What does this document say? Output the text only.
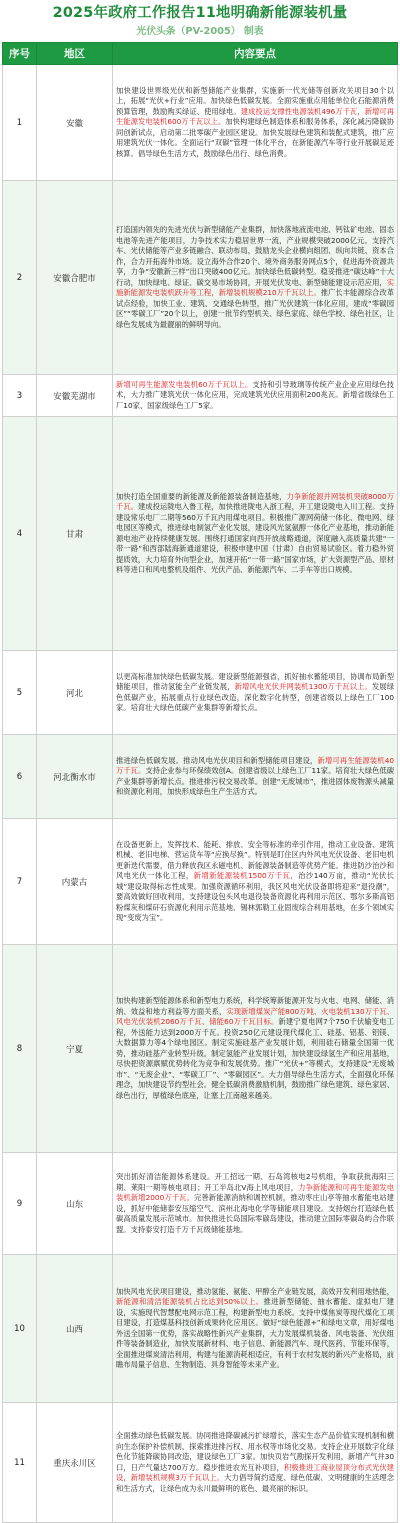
2025年政府工作报告11地明确新能源装机量
光伏头条（PV-2005） 制表
序号	地区	内容要点
1	安徽	加快建设世界级光伏和新型储能产业集群，实施新一代光储等创新攻关项目30个以上，拓展“光伏+行业”应用。加快绿色低碳发展。全面实施重点用能单位化石能源消费预算管理，鼓励购买绿证、使用绿电。建成投运支撑性电源装机496万千瓦，新增可再生能源发电装机600万千瓦以上。加快构建绿色制造体系和服务体系，深化减污降碳协同创新试点，启动第二批零碳产业园区建设。加快发展绿色建筑和装配式建筑，推广应用建筑光伏一体化。全面运行“双碳”管理一体化平台，在新能源汽车等行业开展碳足迹核算。倡导绿色生活方式，鼓励绿色出行、绿色消费。
2	安徽合肥市	打造国内领先的先进光伏与新型储能产业集群，加快落地液流电池、钙钛矿电池、固态电池等先进产能项目，力争技术实力稳居世界一流，产业规模突破2000亿元。支持汽车、光伏储能等产业多链融合、联动布局，鼓励龙头企业横向组团、纵向共链、资本合作，合力开拓海外市场。设立海外合作20个、境外商务服务网点5个，促进海外资源共享，力争“安徽新三样”出口突破400亿元。加快绿色低碳转型。稳妥推进“碳达峰”十大行动，加快绿电、绿证、碳交易市场协同，开展光伏发电、新型储能建设示范应用，实施新能源发电装机跃升等工程，新增装机规模210万千瓦以上。推广长丰能源综合改革试点经验，加快工业、建筑、交通绿色转型，推广光伏建筑一体化应用，建成“零碳园区”“零碳工厂”20个以上，创建一批节约型机关、绿色家庭、绿色学校、绿色社区，让绿色发展成为最靓丽的鲜明导向。
3	安徽芜湖市	新增可再生能源发电装机60万千瓦以上。支持和引导玻璃等传统产业企业应用绿色技术，大力推广建筑光伏一体化应用，完成建筑光伏应用面积200兆瓦。新增省级绿色工厂10家、国家级绿色工厂5家。
4	甘肃	加快打造全国重要的新能源及新能源装备制造基地，力争新能源并网装机突破8000万千瓦。建成投运陇电入鲁工程，加快推进陇电入浙工程，开工建设陇电入川工程。支持建设常乐电厂二期等560万千瓦内用煤电项目。积极推广源网荷储一体化、微电网、绿电园区等模式，推进绿电制氢产业化发展，建设风光氢氨醇一体化产业基地，推动新能源电池产业持续健康发展。围绕打通国家向西开放战略通道，深度融入高质量共建“一带一路”和西部陆海新通道建设，积极申建中国（甘肃）自由贸易试验区。着力稳外贸提质效，大力培育外向型企业，加速开拓“一带一路”国家市场，扩大资源型产品、原材料等进口和风电整机及组件、光伏产品、新能源汽车、二手车等出口规模。
5	河北	以更高标准加快绿色低碳发展。建设新型能源强省，抓好抽水蓄能项目，协调布局新型储能项目，推动氢能全产业链发展，新增风电光伏并网装机1300万千瓦以上。发展绿色低碳产业，拓展重点行业绿色改造，深化数字化转型，创建省级以上绿色工厂100家。培育壮大绿色低碳产业集群等新增长点。
6	河北衡水市	推进绿色低碳发展。推动风电光伏项目和新型储能项目建设，新增可再生能源装机40万千瓦。支持企业参与环保绩效创A。创建省级以上绿色工厂11家。培育壮大绿色低碳产业集群等新增长点。推进排污权交易改革。创建“无废城市”，推进固体废物源头减量和资源化利用，加快形成绿色生产生活方式。
7	内蒙古	在设备更新上，发挥技术、能耗、排放、安全等标准的牵引作用，推动工业设备、建筑机械、老旧电梯、营运货车等“应换尽换”。特别是盯住区内外风电光伏设备、老旧电机更新迭代需要，借力释放我区永磁电机、新能源装备制造等优势产能。推进防沙治沙和风电光伏一体化工程，新增新能源装机1500万千瓦，治沙140万亩，推动“光伏长城”建设取得标志性成果。加强资源循环利用，我区风电光伏设备即将迎来“退役潮”，要高效做好回收利用，支持建设包头风电退役装备资源化再利用示范区、鄂尔多斯高铝粉煤灰和煤矸石资源化利用示范基地、锡林郭勒工业固废综合利用基地，在多个领域实现“变废为宝”。
8	宁夏	加快构建新型能源体系和新型电力系统，科学统筹新能源开发与火电、电网、储能、消纳、效益和地方利益等方面关系，实现新增煤炭产能800万吨、火电装机130万千瓦、风电光伏装机2060万千瓦、储能60万千瓦目标。新建宁夏电网7个750千伏输变电工程，外送能力达到2000万千瓦。投资250亿元建设现代煤化工、硅基、铝基、铝镁、大数据算力等4个绿电园区。制定实施硅基产业发展计划，利用硅石储量全国第一优势，推动硅基产业转型升级。制定氢能产业发展计划，加快建设绿氢生产和应用基地，尽快把资源禀赋优势转化为竞争和发展优势。推广“光伏+”等模式，支持建设“无废城市”、“无废企业”、“零碳工厂”、“零碳园区”。大力倡导绿色生活方式，全面强化环保理念，加快建设节约型社会。健全低碳消费激励机制，鼓励推广绿色建筑、绿色家居、绿色出行，厚植绿色底座，让塞上江南越来越美。
9	山东	突出抓好清洁能源体系建设。开工招远一期、石岛湾核电2号机组，争取获批海阳三期、莱阳一期等核电项目；开工半岛北V海上风电项目，力争新能源和可再生能源发电装机新增2000万千瓦。完善新能源消纳和调控机制，推动枣庄山亭等抽水蓄能电站建设，抓好中能储泰安压缩空气、滨州北海电化学等储能项目建设。支持烟台打造绿色低碳高质量发展示范城市。加快推进长岛国际零碳岛建设，推动建立国际零碳岛屿合作联盟。支持泰安打造千万千瓦级储能基地。
10	山西	加快风电光伏项目建设，推动氢能、氨能、甲醇全产业链发展，高效开发利用地热能，新能源和清洁能源装机占比达到50%以上。推进新型储能、抽水蓄能、虚拟电厂建设，实施现代智慧配电网示范工程，构建新型电力系统。支持中煤焦炭等现代煤化工项目建设，打造煤基科技创新成果转化应用区。做好“绿色能源+”和绿电文章，用好煤电外送全国第一优势，落实战略性新兴产业集群，大力发展煤机装备、风电装备、光伏组件等装备制造业，加快发展新材料、电子信息、新能源汽车、现代医药、节能环保等，全面推进煤炭清洁利用，构建与能源消耗相适应，有利于农村发展的新兴产业格局，前瞻布局量子信息、生物制造、具身智能等未来产业。
11	重庆永川区	全面推动绿色低碳发展。协同推进降碳减污扩绿增长，落实生态产品价值实现机制和横向生态保护补偿机制，探索推进排污权、用水权等市场化交易。支持企业开展数字化绿色化节能降碳协同改造，建设绿色工厂3家。加快页岩气勘探开发利用，新增产气井30口，日产气量达700万方。稳步推进农光互补项目，积极推进工商业屋顶分布式光伏建设，新增装机规模3万千瓦以上。大力倡导简约适度、绿色低碳、文明健康的生活理念和生活方式，让绿色成为永川最鲜明的底色、最亮丽的标识。
